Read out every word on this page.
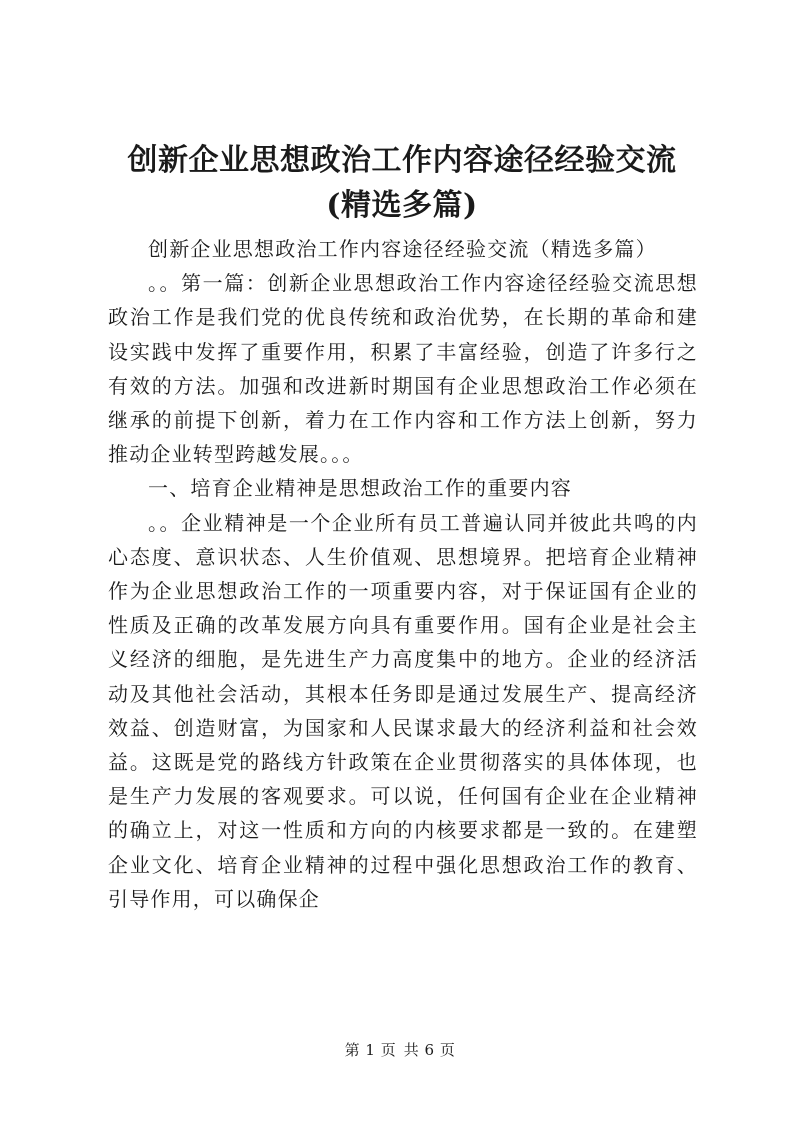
创新企业思想政治工作内容途径经验交流(精选多篇)

创新企业思想政治工作内容途径经验交流（精选多篇）

。。第一篇：创新企业思想政治工作内容途径经验交流思想政治工作是我们党的优良传统和政治优势，在长期的革命和建设实践中发挥了重要作用，积累了丰富经验，创造了许多行之有效的方法。加强和改进新时期国有企业思想政治工作必须在继承的前提下创新，着力在工作内容和工作方法上创新，努力推动企业转型跨越发展。。。

一、培育企业精神是思想政治工作的重要内容

。。企业精神是一个企业所有员工普遍认同并彼此共鸣的内心态度、意识状态、人生价值观、思想境界。把培育企业精神作为企业思想政治工作的一项重要内容，对于保证国有企业的性质及正确的改革发展方向具有重要作用。国有企业是社会主义经济的细胞，是先进生产力高度集中的地方。企业的经济活动及其他社会活动，其根本任务即是通过发展生产、提高经济效益、创造财富，为国家和人民谋求最大的经济利益和社会效益。这既是党的路线方针政策在企业贯彻落实的具体体现，也是生产力发展的客观要求。可以说，任何国有企业在企业精神的确立上，对这一性质和方向的内核要求都是一致的。在建塑企业文化、培育企业精神的过程中强化思想政治工作的教育、引导作用，可以确保企

第 1 页 共 6 页
